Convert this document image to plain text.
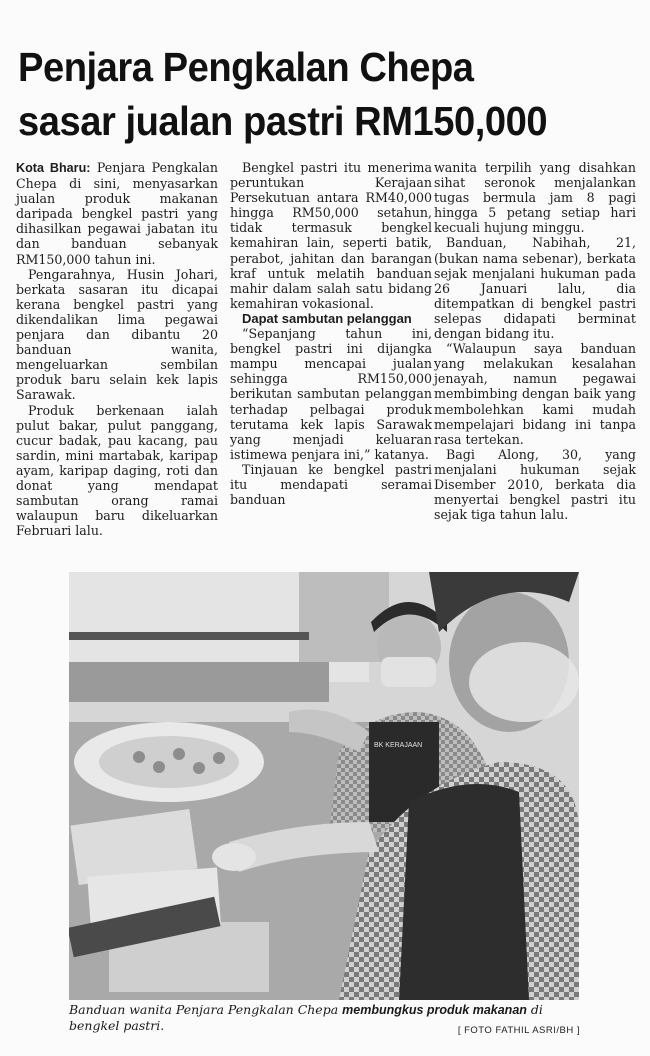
Penjara Pengkalan Chepa
sasar jualan pastri RM150,000

Kota Bharu: Penjara Pengkalan Chepa di sini, menyasarkan jualan produk makanan daripada bengkel pastri yang dihasilkan pegawai jabatan itu dan banduan sebanyak RM150,000 tahun ini.

Pengarahnya, Husin Johari, berkata sasaran itu dicapai kerana bengkel pastri yang dikendalikan lima pegawai penjara dan dibantu 20 banduan wanita, mengeluarkan sembilan produk baru selain kek lapis Sarawak.

Produk berkenaan ialah pulut bakar, pulut panggang, cucur badak, pau kacang, pau sardin, mini martabak, karipap ayam, karipap daging, roti dan donat yang mendapat sambutan orang ramai walaupun baru dikeluarkan Februari lalu.

Bengkel pastri itu menerima peruntukan Kerajaan Persekutuan antara RM40,000 hingga RM50,000 setahun, tidak termasuk bengkel kemahiran lain, seperti batik, perabot, jahitan dan barangan kraf untuk melatih banduan mahir dalam salah satu bidang kemahiran vokasional.

Dapat sambutan pelanggan

“Sepanjang tahun ini, bengkel pastri ini dijangka mampu mencapai jualan sehingga RM150,000 berikutan sambutan pelanggan terhadap pelbagai produk terutama kek lapis Sarawak yang menjadi keluaran istimewa penjara ini,” katanya.

Tinjauan ke bengkel pastri itu mendapati seramai banduan

wanita terpilih yang disahkan sihat seronok menjalankan tugas bermula jam 8 pagi hingga 5 petang setiap hari kecuali hujung minggu.

Banduan, Nabihah, 21, (bukan nama sebenar), berkata sejak menjalani hukuman pada 26 Januari lalu, dia ditempatkan di bengkel pastri selepas didapati berminat dengan bidang itu.

“Walaupun saya banduan yang melakukan kesalahan jenayah, namun pegawai membimbing dengan baik yang membolehkan kami mudah mempelajari bidang ini tanpa rasa tertekan.

Bagi Along, 30, yang menjalani hukuman sejak Disember 2010, berkata dia menyertai bengkel pastri itu sejak tiga tahun lalu.

BK KERAJAAN
Banduan wanita Penjara Pengkalan Chepa membungkus produk makanan di bengkel pastri.	[ FOTO FATHIL ASRI/BH ]
